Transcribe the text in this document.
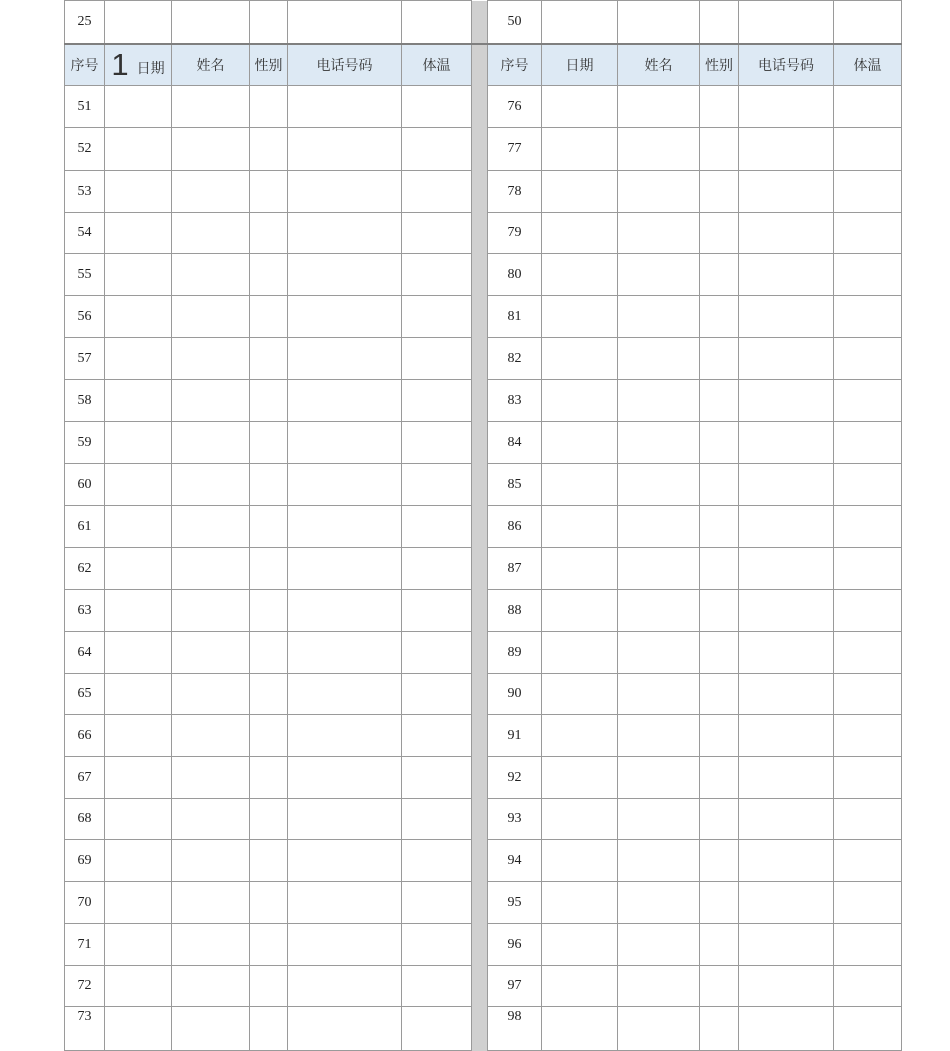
25							50					
序号	1 日期	姓名	性别	电话号码	体温		序号	日期	姓名	性别	电话号码	体温
51							76					
52							77					
53							78					
54							79					
55							80					
56							81					
57							82					
58							83					
59							84					
60							85					
61							86					
62							87					
63							88					
64							89					
65							90					
66							91					
67							92					
68							93					
69							94					
70							95					
71							96					
72							97					
73							98					
